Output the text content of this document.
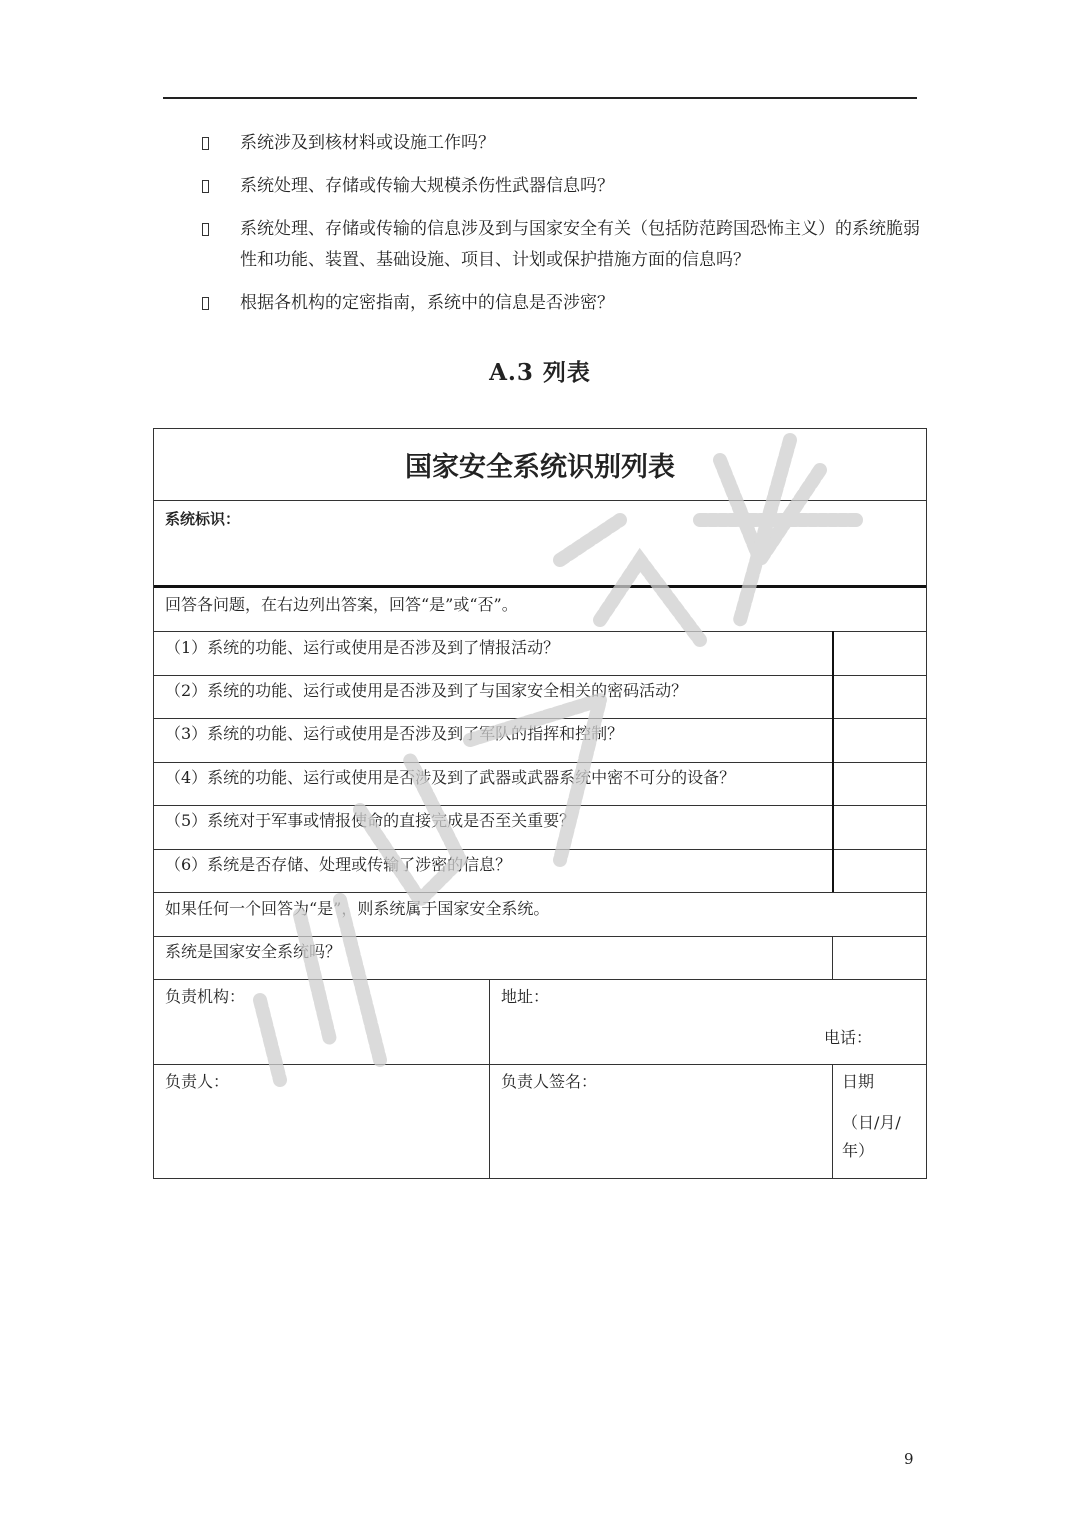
系统涉及到核材料或设施工作吗？
系统处理、存储或传输大规模杀伤性武器信息吗？
系统处理、存储或传输的信息涉及到与国家安全有关（包括防范跨国恐怖主义）的系统脆弱性和功能、装置、基础设施、项目、计划或保护措施方面的信息吗？
根据各机构的定密指南，系统中的信息是否涉密？
A.3 列表
国家安全系统识别列表
系统标识：
回答各问题，在右边列出答案，回答“是”或“否”。
（1）系统的功能、运行或使用是否涉及到了情报活动？
（2）系统的功能、运行或使用是否涉及到了与国家安全相关的密码活动？
（3）系统的功能、运行或使用是否涉及到了军队的指挥和控制？
（4）系统的功能、运行或使用是否涉及到了武器或武器系统中密不可分的设备？
（5）系统对于军事或情报使命的直接完成是否至关重要？
（6）系统是否存储、处理或传输了涉密的信息？
如果任何一个回答为“是”，则系统属于国家安全系统。
系统是国家安全系统吗？
负责机构：	地址：
电话：
负责人：	负责人签名：	日期
（日/月/
年）
9
